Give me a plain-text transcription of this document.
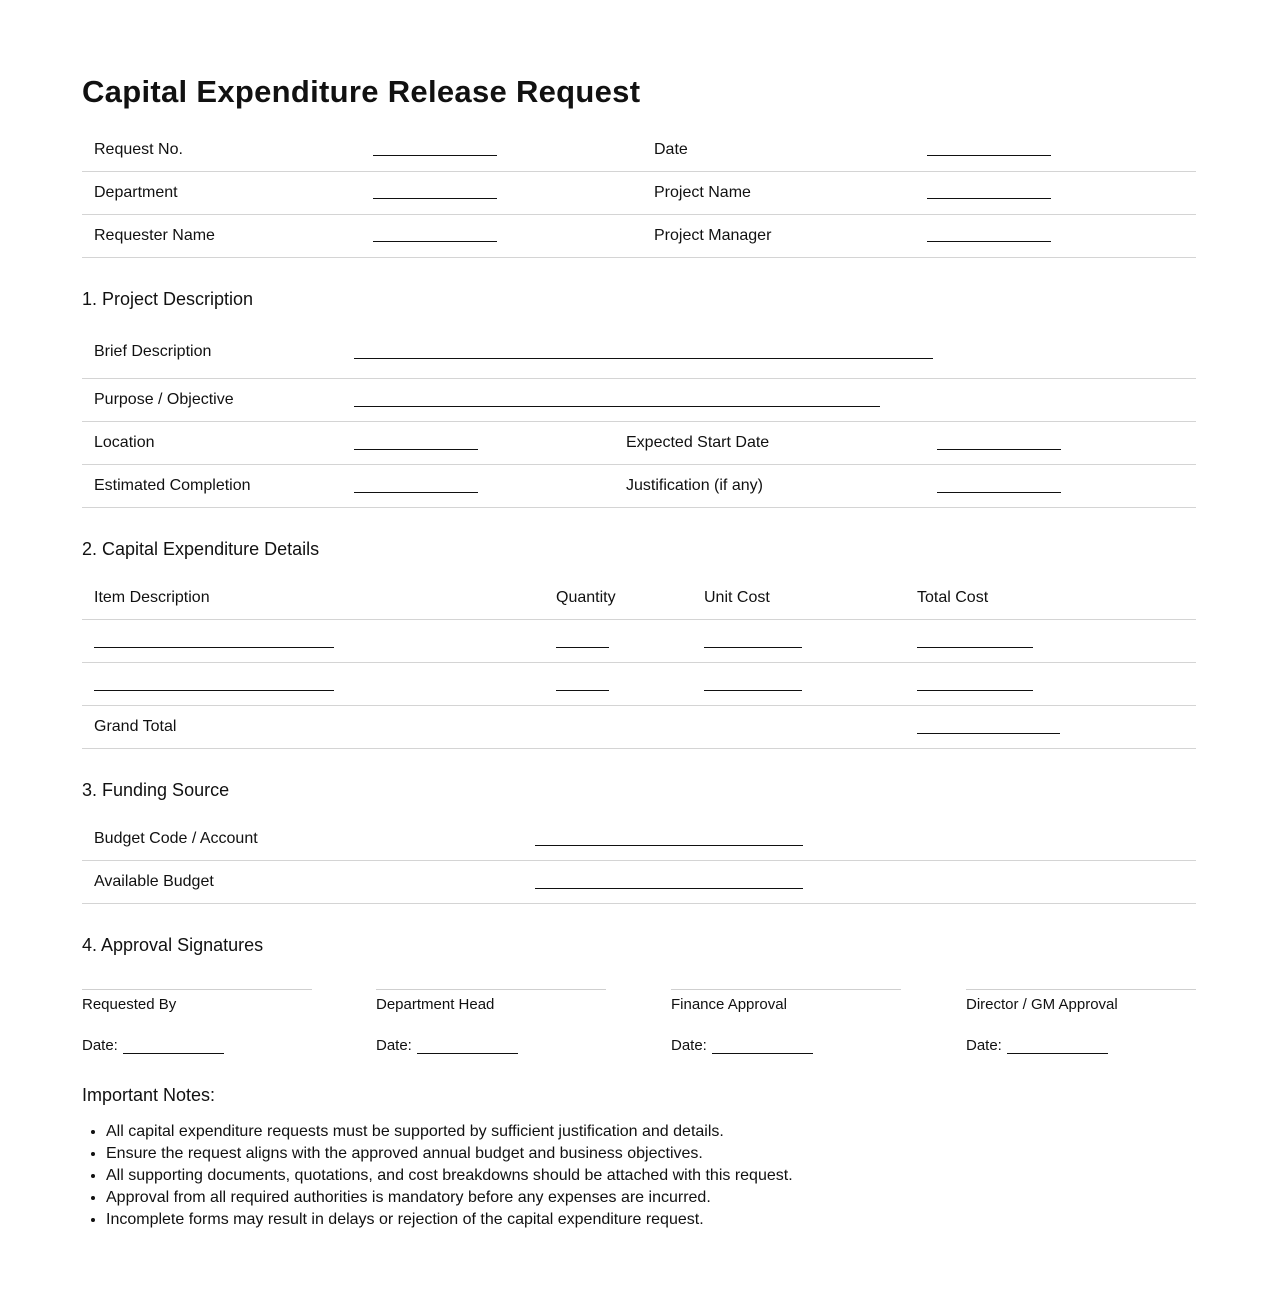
Capital Expenditure Release Request
Request No.	Date
Department	Project Name
Requester Name	Project Manager
1. Project Description
Brief Description
Purpose / Objective
Location	Expected Start Date
Estimated Completion	Justification (if any)
2. Capital Expenditure Details
Item Description	Quantity	Unit Cost	Total Cost
Grand Total
3. Funding Source
Budget Code / Account
Available Budget
4. Approval Signatures
Requested By
Date:
Department Head
Date:
Finance Approval
Date:
Director / GM Approval
Date:
Important Notes:
• All capital expenditure requests must be supported by sufficient justification and details.
• Ensure the request aligns with the approved annual budget and business objectives.
• All supporting documents, quotations, and cost breakdowns should be attached with this request.
• Approval from all required authorities is mandatory before any expenses are incurred.
• Incomplete forms may result in delays or rejection of the capital expenditure request.
